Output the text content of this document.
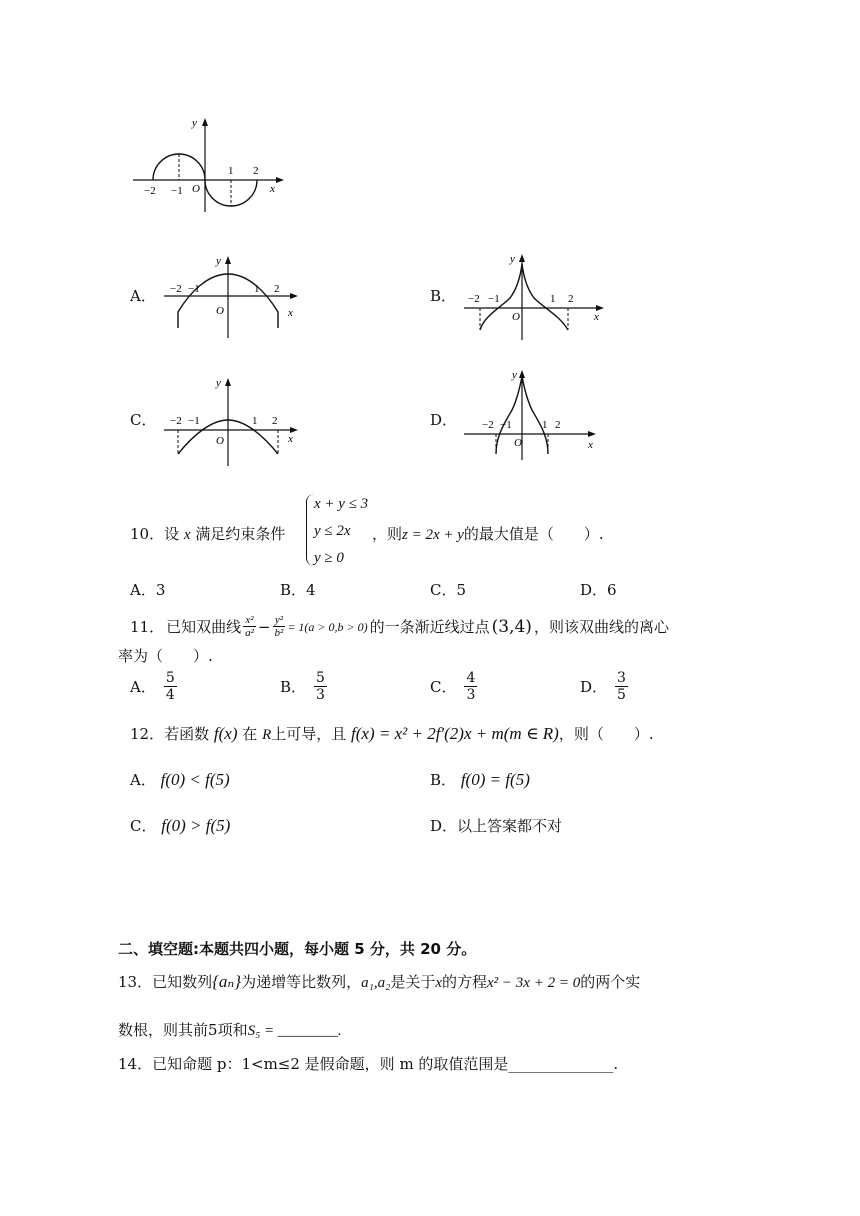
y
x
O
−2 −1
1 2
A．
y
x
O
−2 −1	1 2	B．
y
x
O
−2 −1	1 2
C．
y
x
O
−2 −1	1 2	D．
y
x
O
−2 −1	1 2
10．设 x 满足约束条件
x + y ≤ 3
y ≤ 2x
y ≥ 0
，则z = 2x + y的最大值是（　　）.
A．3	B．4	C．5	D．6
11． 已知双曲线 $\frac{\text{x²}}{\text{a²}} - \frac{\text{y²}}{\text{b²}} = 1(a > 0,b > 0)$ 的一条渐近线过点 (3,4) ，则该双曲线的离心
率为（　　）.
A． $\frac{5}{4}$	B． $\frac{5}{3}$	C． $\frac{4}{3}$	D． $\frac{3}{5}$
12．若函数 f(x) 在 R上可导，且 f(x) = x² + 2f′(2)x + m(m ∈ R)，则（　　）.
A． f(0) < f(5)	B． f(0) = f(5)
C． f(0) > f(5)	D．以上答案都不对
二、填空题:本题共四小题，每小题 5 分，共 20 分。
13．已知数列{aₙ}为递增等比数列，a₁,a₂是关于x的方程x² − 3x + 2 = 0的两个实
数根，则其前5项和S₅ = ________.
14．已知命题 p：1<m≤2 是假命题，则 m 的取值范围是______________.
